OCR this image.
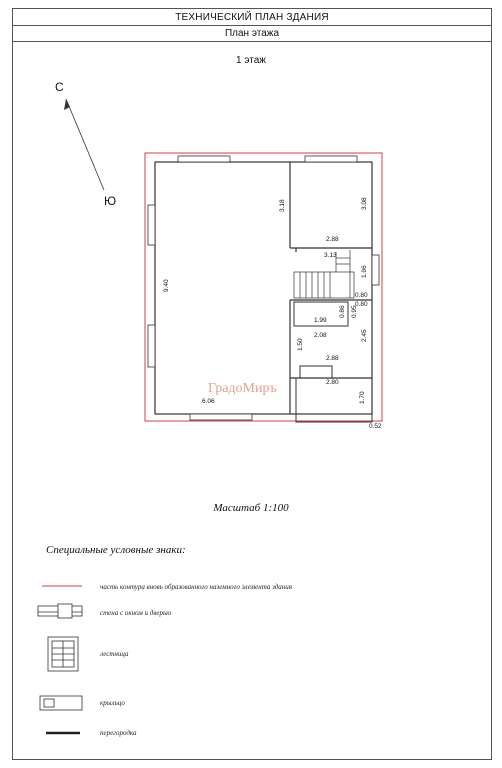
ТЕХНИЧЕСКИЙ ПЛАН ЗДАНИЯ
План этажа
1 этаж
С
Ю
ГрадоМиръ
3.18	3.08
2.88
3.13
9.40
1.96
0.80
0.95
0.80
1.99
0.86
2.08	2.45
1.50
2.88
2.80
6.06	1.70
0.52
Масштаб 1:100
Специальные условные знаки:
часть контура вновь образованного наземного элемента здания
стена с окном и дверью
лестница
крыльцо
перегородка
